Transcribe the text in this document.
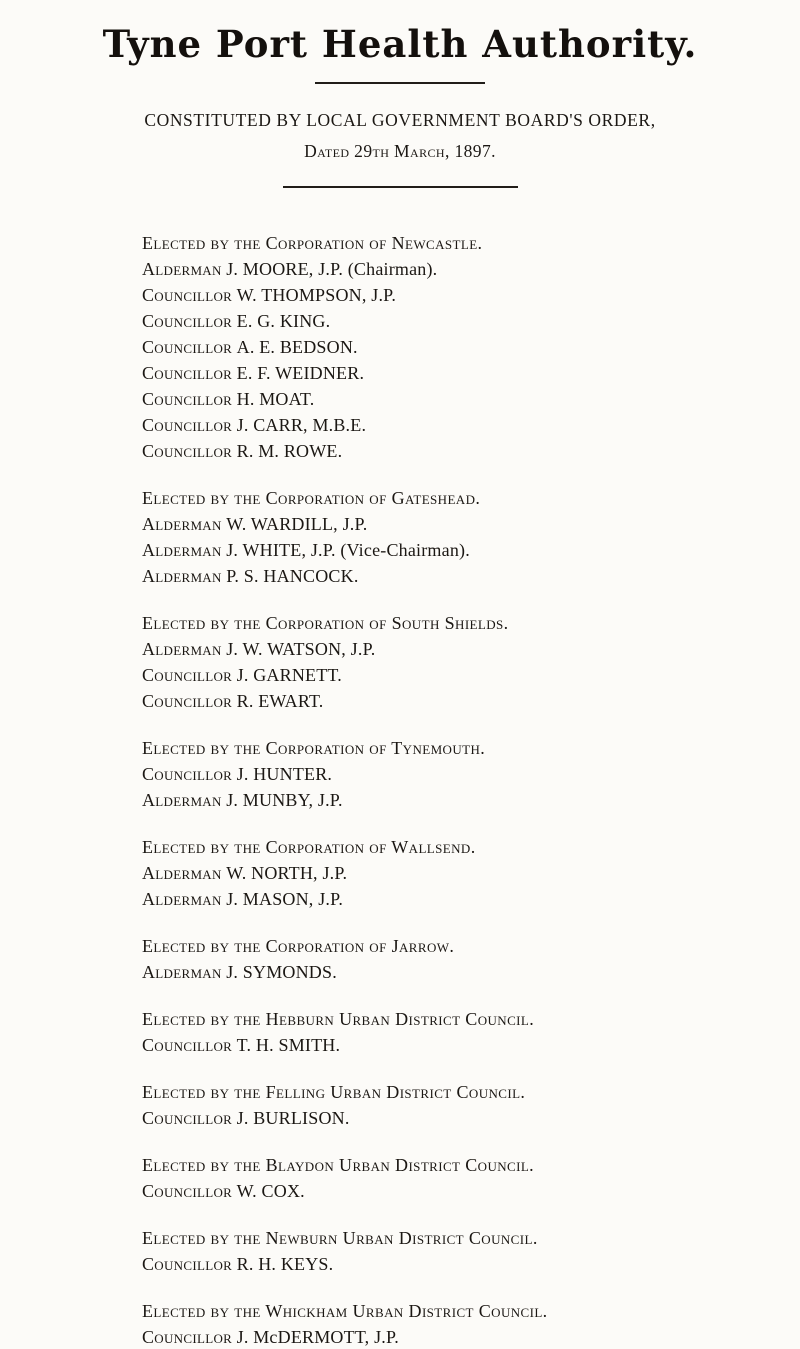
Tyne Port Health Authority.
CONSTITUTED BY LOCAL GOVERNMENT BOARD'S ORDER,
Dated 29th March, 1897.
Elected by the Corporation of Newcastle.
Alderman J. MOORE, J.P. (Chairman).
Councillor W. THOMPSON, J.P.
Councillor E. G. KING.
Councillor A. E. BEDSON.
Councillor E. F. WEIDNER.
Councillor H. MOAT.
Councillor J. CARR, M.B.E.
Councillor R. M. ROWE.
Elected by the Corporation of Gateshead.
Alderman W. WARDILL, J.P.
Alderman J. WHITE, J.P. (Vice-Chairman).
Alderman P. S. HANCOCK.
Elected by the Corporation of South Shields.
Alderman J. W. WATSON, J.P.
Councillor J. GARNETT.
Councillor R. EWART.
Elected by the Corporation of Tynemouth.
Councillor J. HUNTER.
Alderman J. MUNBY, J.P.
Elected by the Corporation of Wallsend.
Alderman W. NORTH, J.P.
Alderman J. MASON, J.P.
Elected by the Corporation of Jarrow.
Alderman J. SYMONDS.
Elected by the Hebburn Urban District Council.
Councillor T. H. SMITH.
Elected by the Felling Urban District Council.
Councillor J. BURLISON.
Elected by the Blaydon Urban District Council.
Councillor W. COX.
Elected by the Newburn Urban District Council.
Councillor R. H. KEYS.
Elected by the Whickham Urban District Council.
Councillor J. McDERMOTT, J.P.
